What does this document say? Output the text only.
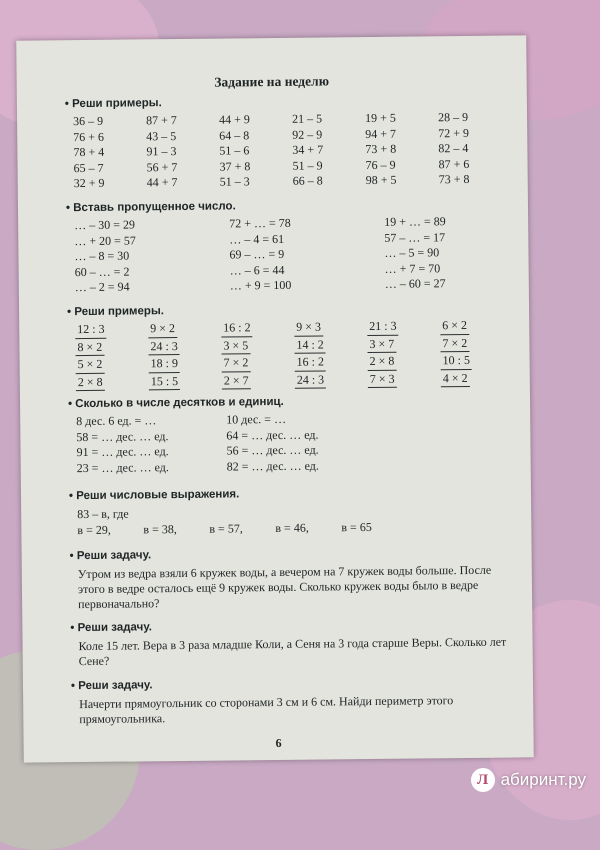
Задание на неделю
• Реши примеры.
36 – 9	87 + 7	44 + 9	21 – 5	19 + 5	28 – 9
76 + 6	43 – 5	64 – 8	92 – 9	94 + 7	72 + 9
78 + 4	91 – 3	51 – 6	34 + 7	73 + 8	82 – 4
65 – 7	56 + 7	37 + 8	51 – 9	76 – 9	87 + 6
32 + 9	44 + 7	51 – 3	66 – 8	98 + 5	73 + 8
• Вставь пропущенное число.
… – 30 = 29	72 + … = 78	19 + … = 89
… + 20 = 57	… – 4 = 61	57 – … = 17
… – 8 = 30	69 – … = 9	… – 5 = 90
60 – … = 2	… – 6 = 44	… + 7 = 70
… – 2 = 94	… + 9 = 100	… – 60 = 27
• Реши примеры.
12 : 3	9 × 2	16 : 2	9 × 3	21 : 3	6 × 2
8 × 2	24 : 3	3 × 5	14 : 2	3 × 7	7 × 2
5 × 2	18 : 9	7 × 2	16 : 2	2 × 8	10 : 5
2 × 8	15 : 5	2 × 7	24 : 3	7 × 3	4 × 2
• Сколько в числе десятков и единиц.
8 дес. 6 ед. = …	10 дес. = …
58 = … дес. … ед.	64 = … дес. … ед.
91 = … дес. … ед.	56 = … дес. … ед.
23 = … дес. … ед.	82 = … дес. … ед.
• Реши числовые выражения.
83 – в, где
в = 29,	в = 38,	в = 57,	в = 46,	в = 65
• Реши задачу.
Утром из ведра взяли 6 кружек воды, а вечером на 7 кружек воды больше. После этого в ведре осталось ещё 9 кружек воды. Сколько кружек воды было в ведре первоначально?
• Реши задачу.
Коле 15 лет. Вера в 3 раза младше Коли, а Сеня на 3 года старше Веры. Сколько лет Сене?
• Реши задачу.
Начерти прямоугольник со сторонами 3 см и 6 см. Найди периметр этого прямоугольника.
6
Л абиринт.ру
